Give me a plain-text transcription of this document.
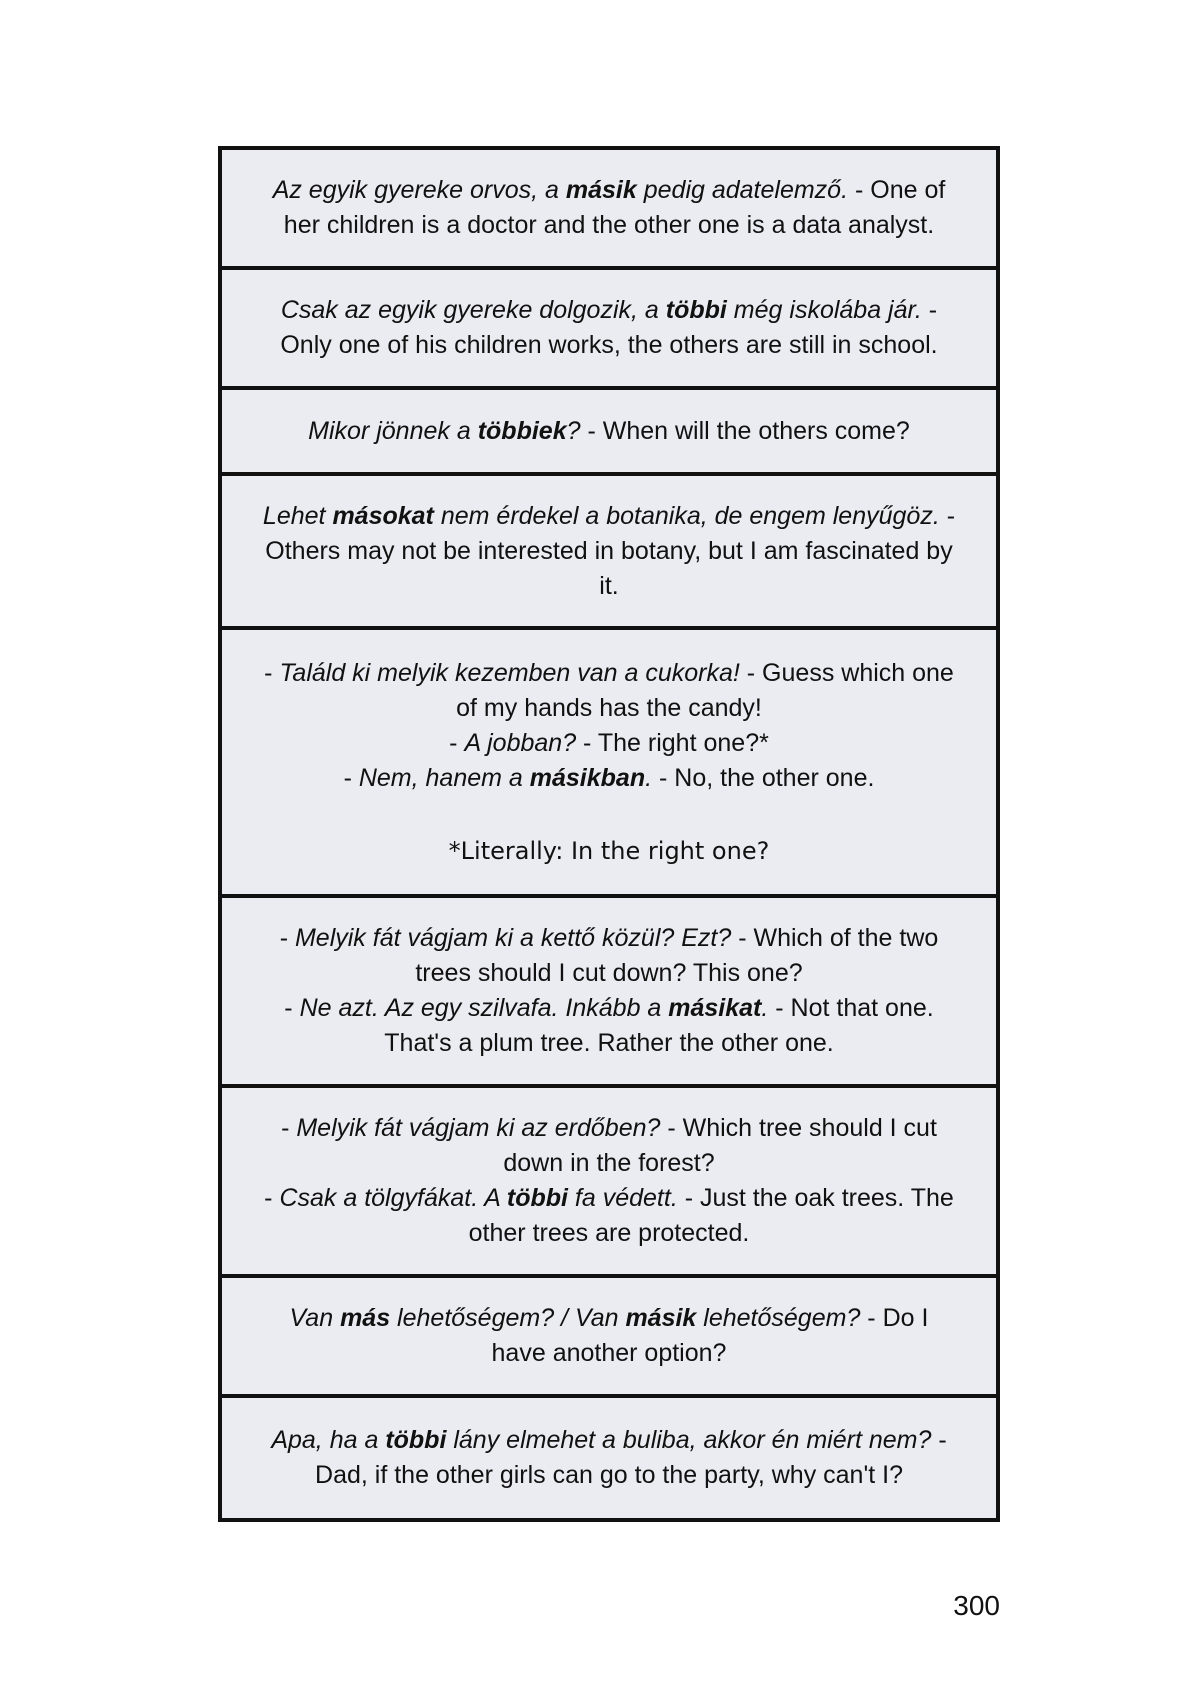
Az egyik gyereke orvos, a másik pedig adatelemző. - One of
her children is a doctor and the other one is a data analyst.
Csak az egyik gyereke dolgozik, a többi még iskolába jár. -
Only one of his children works, the others are still in school.
Mikor jönnek a többiek? - When will the others come?
Lehet másokat nem érdekel a botanika, de engem lenyűgöz. -
Others may not be interested in botany, but I am fascinated by
it.
- Találd ki melyik kezemben van a cukorka! - Guess which one
of my hands has the candy!
- A jobban? - The right one?*
- Nem, hanem a másikban. - No, the other one.
*Literally: In the right one?
- Melyik fát vágjam ki a kettő közül? Ezt? - Which of the two
trees should I cut down? This one?
- Ne azt. Az egy szilvafa. Inkább a másikat. - Not that one.
That's a plum tree. Rather the other one.
- Melyik fát vágjam ki az erdőben? - Which tree should I cut
down in the forest?
- Csak a tölgyfákat. A többi fa védett. - Just the oak trees. The
other trees are protected.
Van más lehetőségem? / Van másik lehetőségem? - Do I
have another option?
Apa, ha a többi lány elmehet a buliba, akkor én miért nem? -
Dad, if the other girls can go to the party, why can't I?
300
